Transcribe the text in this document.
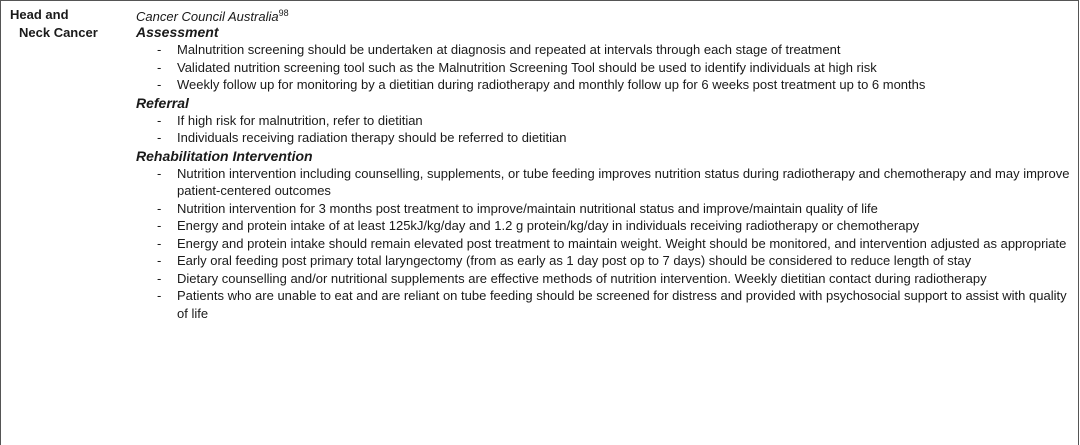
Head and
Neck Cancer
Cancer Council Australia$^{98}$
Assessment
- Malnutrition screening should be undertaken at diagnosis and repeated at intervals through each stage of treatment
- Validated nutrition screening tool such as the Malnutrition Screening Tool should be used to identify individuals at high risk
- Weekly follow up for monitoring by a dietitian during radiotherapy and monthly follow up for 6 weeks post treatment up to 6 months
Referral
- If high risk for malnutrition, refer to dietitian
- Individuals receiving radiation therapy should be referred to dietitian
Rehabilitation Intervention
- Nutrition intervention including counselling, supplements, or tube feeding improves nutrition status during radiotherapy and chemotherapy and may improve patient-centered outcomes
- Nutrition intervention for 3 months post treatment to improve/maintain nutritional status and improve/maintain quality of life
- Energy and protein intake of at least 125kJ/kg/day and 1.2 g protein/kg/day in individuals receiving radiotherapy or chemotherapy
- Energy and protein intake should remain elevated post treatment to maintain weight. Weight should be monitored, and intervention adjusted as appropriate
- Early oral feeding post primary total laryngectomy (from as early as 1 day post op to 7 days) should be considered to reduce length of stay
- Dietary counselling and/or nutritional supplements are effective methods of nutrition intervention. Weekly dietitian contact during radiotherapy
- Patients who are unable to eat and are reliant on tube feeding should be screened for distress and provided with psychosocial support to assist with quality of life
